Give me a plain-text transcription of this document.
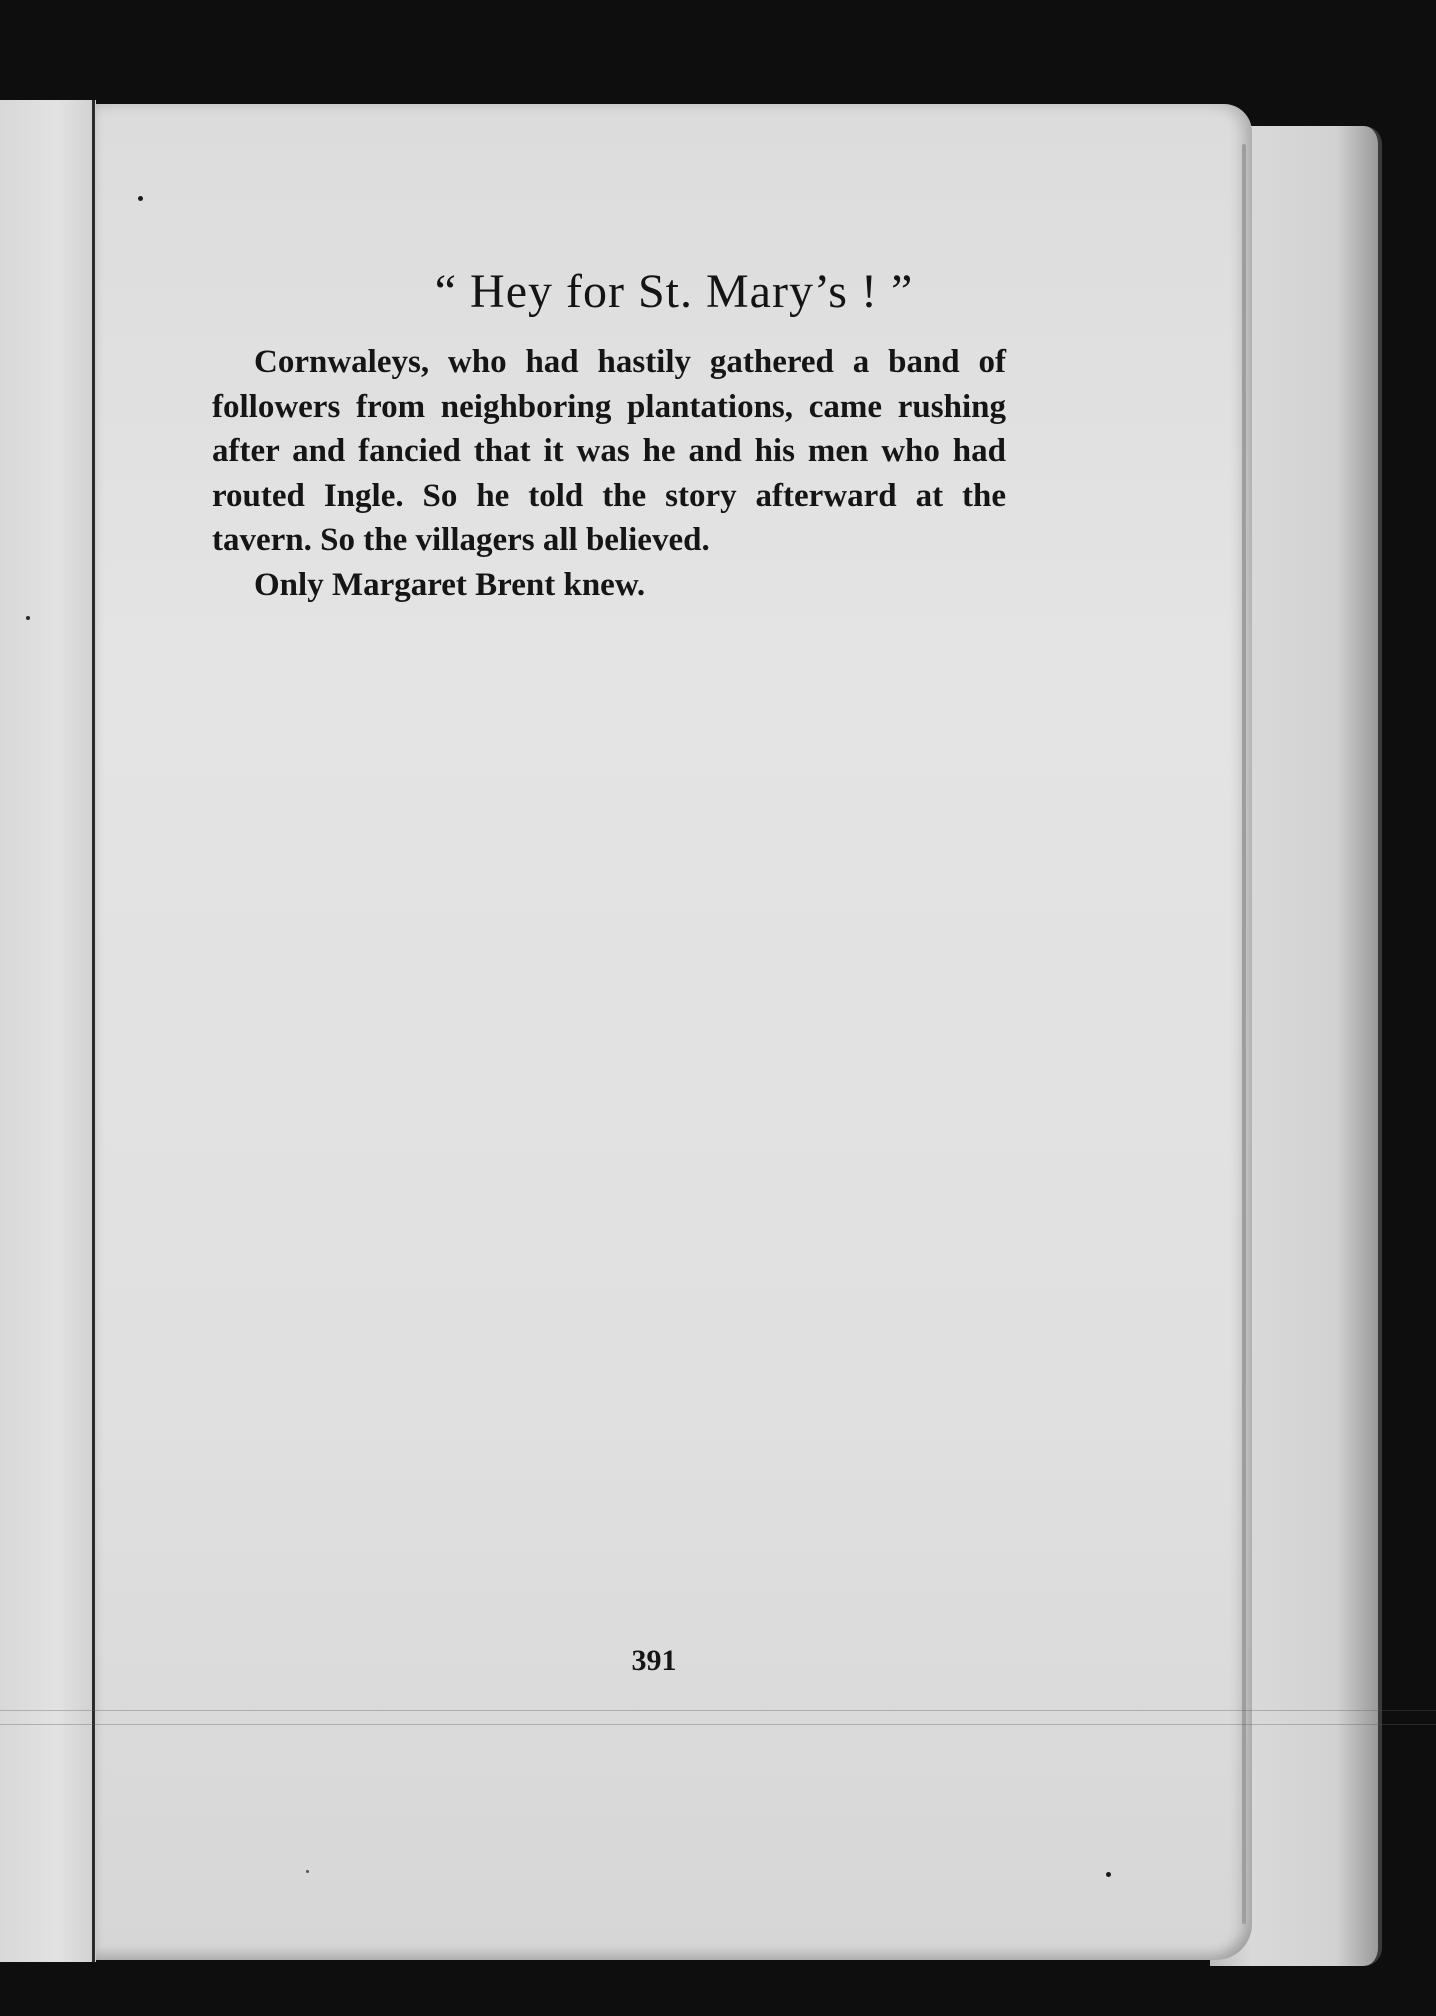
“ Hey for St. Mary’s ! ”

Cornwaleys, who had hastily gathered a band of followers from neighboring plantations, came rushing after and fancied that it was he and his men who had routed Ingle. So he told the story afterward at the tavern. So the villagers all believed.

Only Margaret Brent knew.

391
